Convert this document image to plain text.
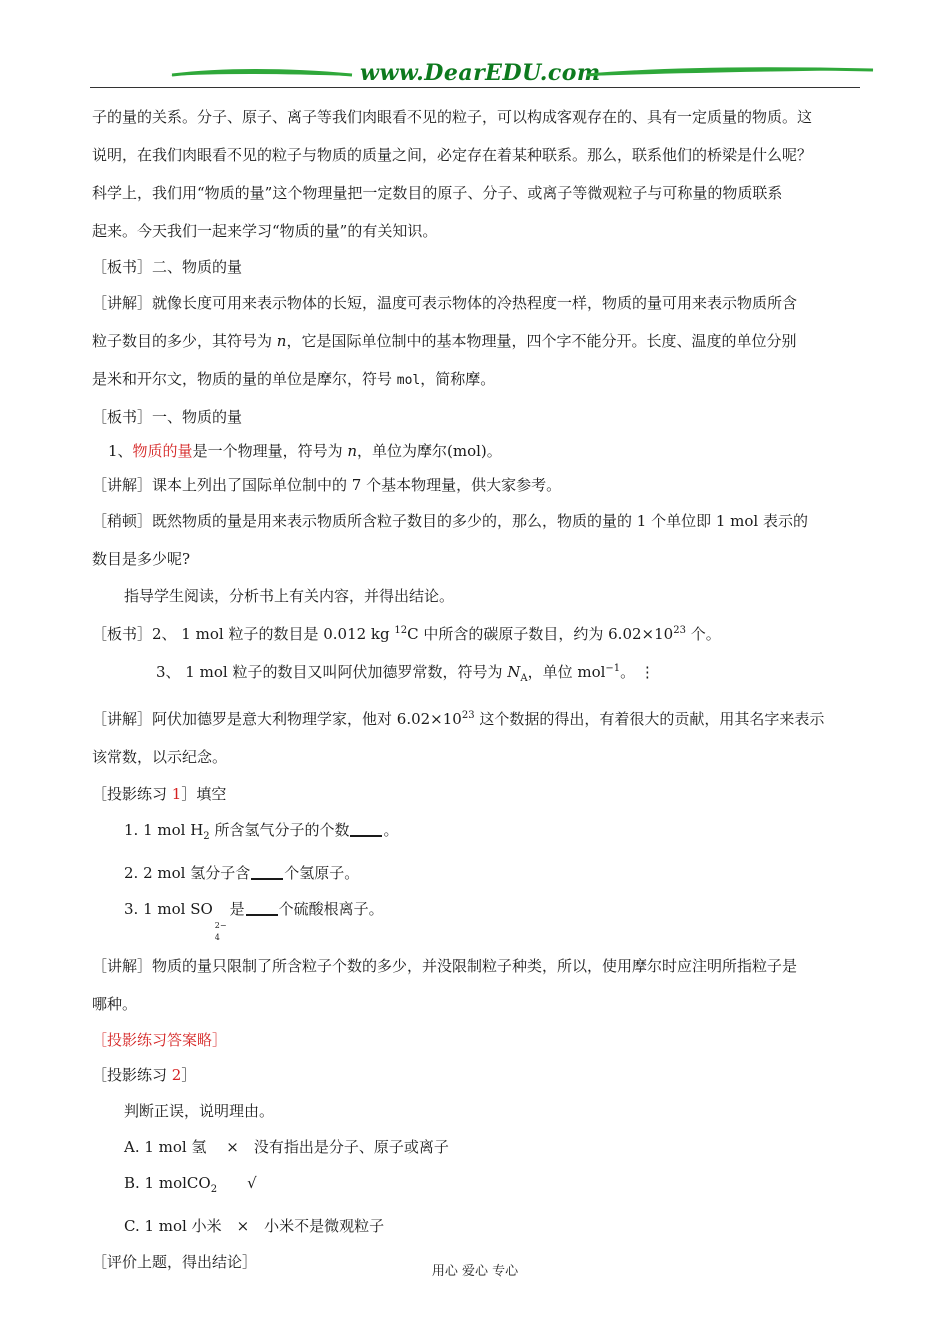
www.DearEDU.com

子的量的关系。分子、原子、离子等我们肉眼看不见的粒子，可以构成客观存在的、具有一定质量的物质。这

说明，在我们肉眼看不见的粒子与物质的质量之间，必定存在着某种联系。那么，联系他们的桥梁是什么呢？

科学上，我们用“物质的量”这个物理量把一定数目的原子、分子、或离子等微观粒子与可称量的物质联系

起来。今天我们一起来学习“物质的量”的有关知识。

［板书］二、物质的量

［讲解］就像长度可用来表示物体的长短，温度可表示物体的冷热程度一样，物质的量可用来表示物质所含

粒子数目的多少，其符号为 n，它是国际单位制中的基本物理量，四个字不能分开。长度、温度的单位分别

是米和开尔文，物质的量的单位是摩尔，符号 mol，简称摩。

［板书］一、物质的量

1、物质的量是一个物理量，符号为 n，单位为摩尔(mol)。

［讲解］课本上列出了国际单位制中的 7 个基本物理量，供大家参考。

［稍顿］既然物质的量是用来表示物质所含粒子数目的多少的，那么，物质的量的 1 个单位即 1 mol 表示的

数目是多少呢?

指导学生阅读，分析书上有关内容，并得出结论。

［板书］2、 1 mol 粒子的数目是 0.012 kg $^{12}$C 中所含的碳原子数目，约为 $6.02\times 10^{23}$ 个。

3、 1 mol 粒子的数目又叫阿伏加德罗常数，符号为 $N_A$，单位 mol$^{-1}$。 ⋮

［讲解］阿伏加德罗是意大利物理学家，他对 $6.02\times 10^{23}$ 这个数据的得出，有着很大的贡献，用其名字来表示

该常数，以示纪念。

［投影练习 1］填空

1. 1 mol $H_2$ 所含氢气分子的个数 。

2. 2 mol 氢分子含 个氢原子。

3. 1 mol SO
2−
4
是 个硫酸根离子。

［讲解］物质的量只限制了所含粒子个数的多少，并没限制粒子种类，所以，使用摩尔时应注明所指粒子是

哪种。

［投影练习答案略］

［投影练习 2］

判断正误，说明理由。

A. 1 mol 氢　 ×　没有指出是分子、原子或离子

B. 1 molCO$_2$　　√

C. 1 mol 小米　×　小米不是微观粒子

［评价上题，得出结论］

用心 爱心 专心
